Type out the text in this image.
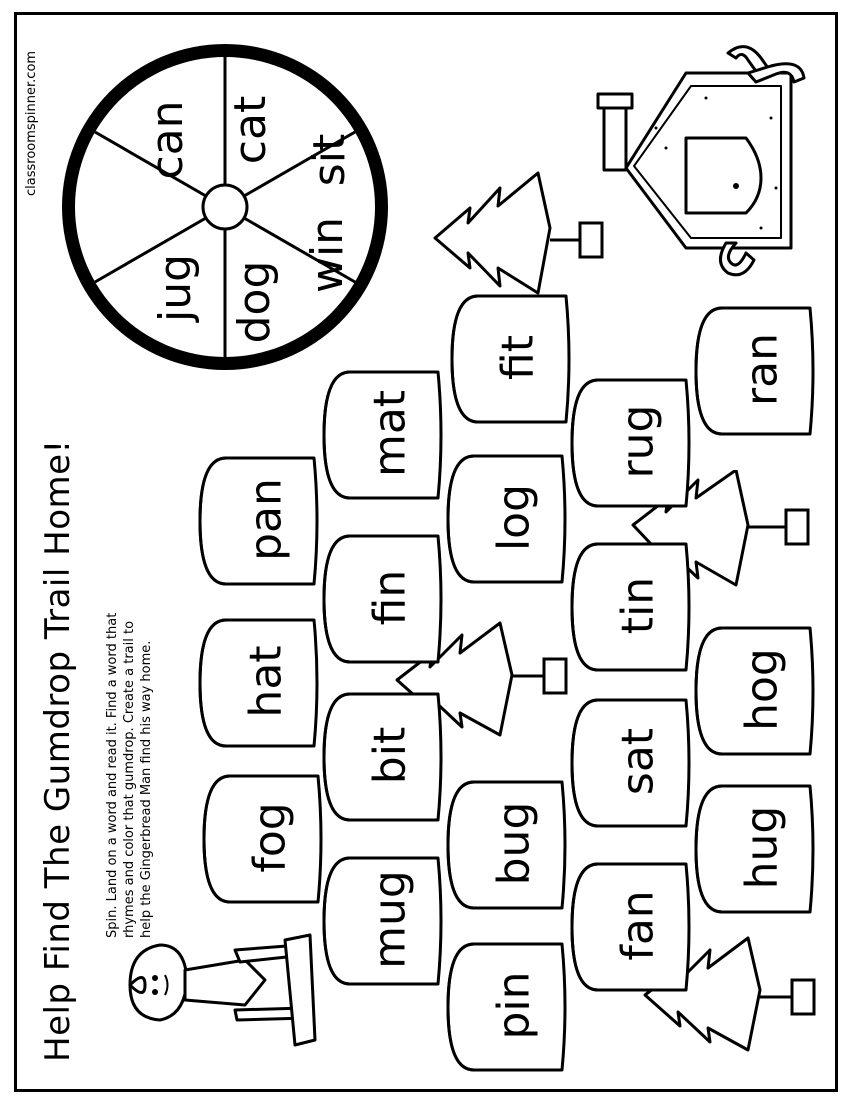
Help Find The Gumdrop Trail Home! Spin. Land on a word and read it. Find a word that rhymes and color that gumdrop. Create a trail to help the Gingerbread Man find his way home.
classroomspinner.com	cat sit
win
dog
jug
can
pin
mug
fog
hat
pan
bit
fin
mat
fan
bug
log
fit
sat
tin
rug
hug
hog
ran
